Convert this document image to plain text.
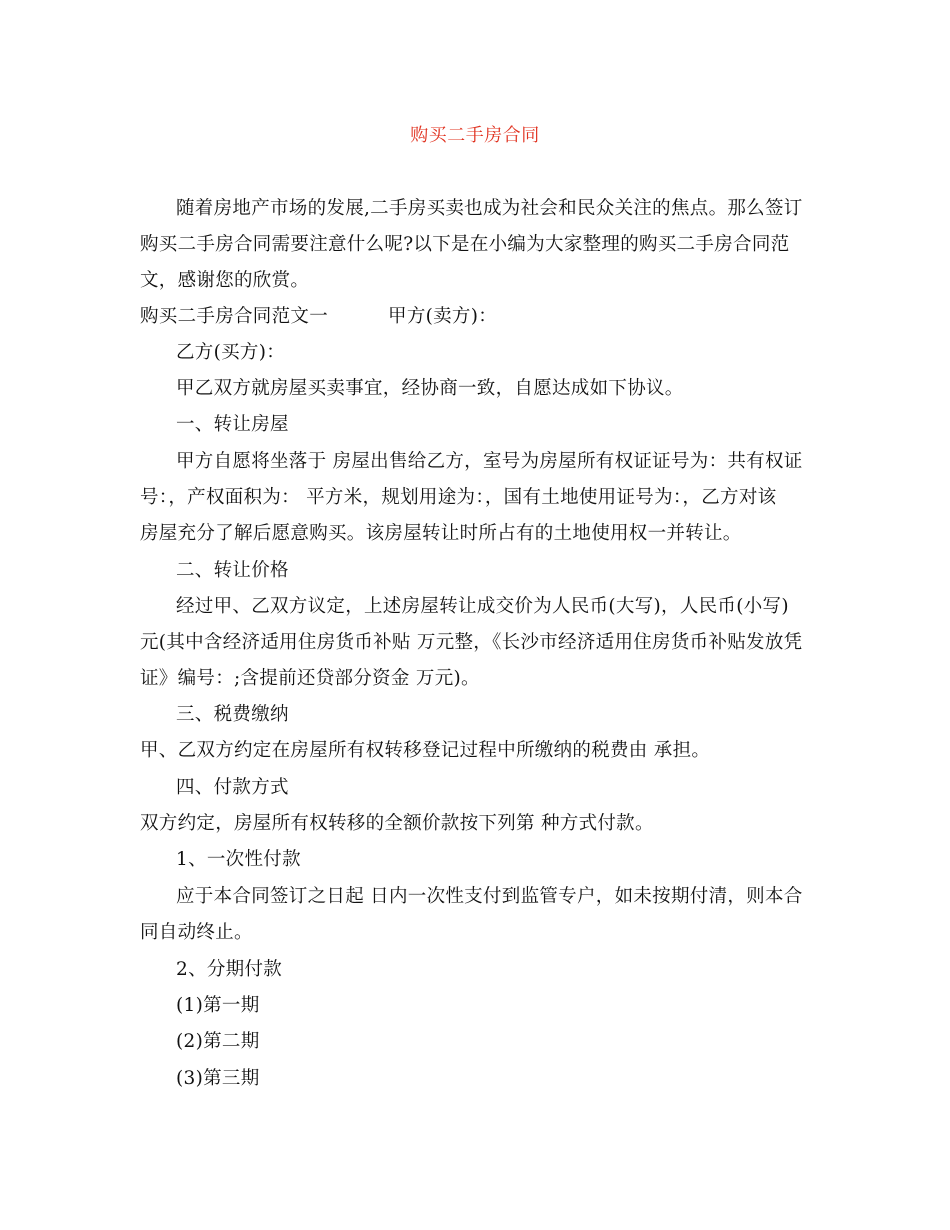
购买二手房合同
随着房地产市场的发展,二手房买卖也成为社会和民众关注的焦点。那么签订
购买二手房合同需要注意什么呢?以下是在小编为大家整理的购买二手房合同范
文，感谢您的欣赏。
购买二手房合同范文一	甲方(卖方)：
乙方(买方)：
甲乙双方就房屋买卖事宜，经协商一致，自愿达成如下协议。
一、转让房屋
甲方自愿将坐落于 房屋出售给乙方，室号为房屋所有权证证号为：共有权证
号：，产权面积为： 平方米，规划用途为：，国有土地使用证号为：，乙方对该
房屋充分了解后愿意购买。该房屋转让时所占有的土地使用权一并转让。
二、转让价格
经过甲、乙双方议定，上述房屋转让成交价为人民币(大写)，人民币(小写)
元(其中含经济适用住房货币补贴 万元整，《长沙市经济适用住房货币补贴发放凭
证》编号：;含提前还贷部分资金 万元)。
三、税费缴纳
甲、乙双方约定在房屋所有权转移登记过程中所缴纳的税费由 承担。
四、付款方式
双方约定，房屋所有权转移的全额价款按下列第 种方式付款。
1、一次性付款
应于本合同签订之日起 日内一次性支付到监管专户，如未按期付清，则本合
同自动终止。
2、分期付款
(1)第一期
(2)第二期
(3)第三期
